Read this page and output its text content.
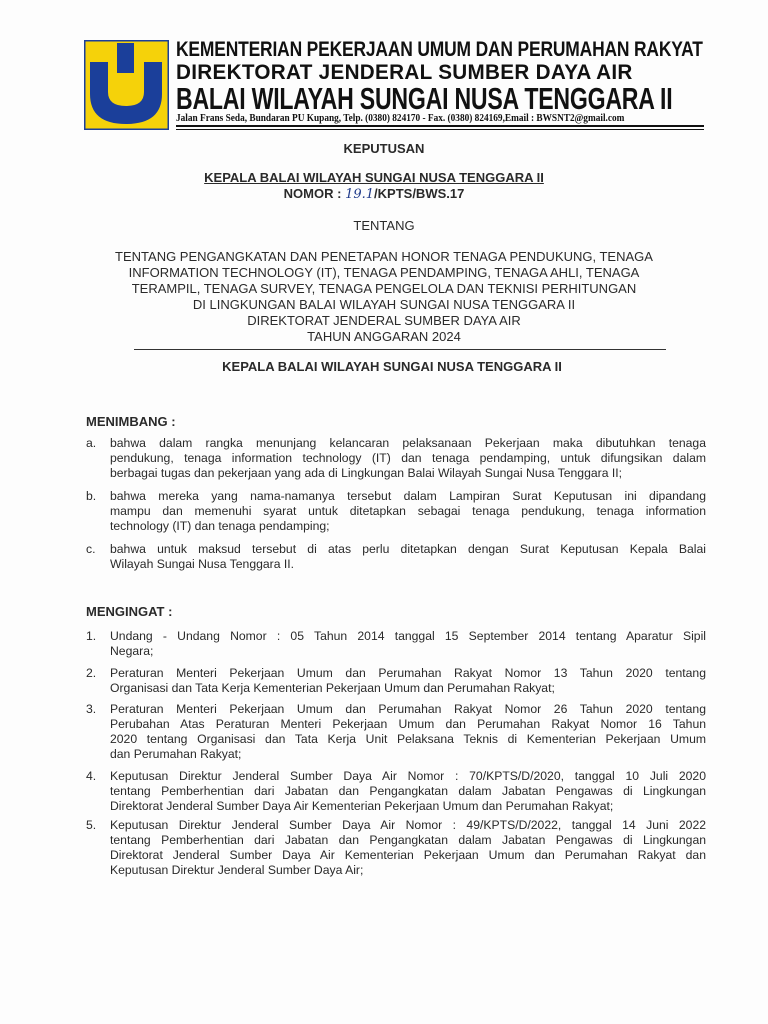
KEMENTERIAN PEKERJAAN UMUM DAN PERUMAHAN RAKYAT
DIREKTORAT JENDERAL SUMBER DAYA AIR
BALAI WILAYAH SUNGAI NUSA TENGGARA II
Jalan Frans Seda, Bundaran PU Kupang, Telp. (0380) 824170 - Fax. (0380) 824169,Email : BWSNT2@gmail.com
KEPUTUSAN
KEPALA BALAI WILAYAH SUNGAI NUSA TENGGARA II
NOMOR : 19.1/KPTS/BWS.17
TENTANG
TENTANG PENGANGKATAN DAN PENETAPAN HONOR TENAGA PENDUKUNG, TENAGA
INFORMATION TECHNOLOGY (IT), TENAGA PENDAMPING, TENAGA AHLI, TENAGA
TERAMPIL, TENAGA SURVEY, TENAGA PENGELOLA DAN TEKNISI PERHITUNGAN
DI LINGKUNGAN BALAI WILAYAH SUNGAI NUSA TENGGARA II
DIREKTORAT JENDERAL SUMBER DAYA AIR
TAHUN ANGGARAN 2024
KEPALA BALAI WILAYAH SUNGAI NUSA TENGGARA II
MENIMBANG :
a. bahwa dalam rangka menunjang kelancaran pelaksanaan Pekerjaan maka dibutuhkan tenaga
pendukung, tenaga information technology (IT) dan tenaga pendamping, untuk difungsikan dalam
berbagai tugas dan pekerjaan yang ada di Lingkungan Balai Wilayah Sungai Nusa Tenggara II;
b. bahwa mereka yang nama-namanya tersebut dalam Lampiran Surat Keputusan ini dipandang
mampu dan memenuhi syarat untuk ditetapkan sebagai tenaga pendukung, tenaga information
technology (IT) dan tenaga pendamping;
c. bahwa untuk maksud tersebut di atas perlu ditetapkan dengan Surat Keputusan Kepala Balai
Wilayah Sungai Nusa Tenggara II.
MENGINGAT :
1. Undang - Undang Nomor : 05 Tahun 2014 tanggal 15 September 2014 tentang Aparatur Sipil
Negara;
2. Peraturan Menteri Pekerjaan Umum dan Perumahan Rakyat Nomor 13 Tahun 2020 tentang
Organisasi dan Tata Kerja Kementerian Pekerjaan Umum dan Perumahan Rakyat;
3. Peraturan Menteri Pekerjaan Umum dan Perumahan Rakyat Nomor 26 Tahun 2020 tentang
Perubahan Atas Peraturan Menteri Pekerjaan Umum dan Perumahan Rakyat Nomor 16 Tahun
2020 tentang Organisasi dan Tata Kerja Unit Pelaksana Teknis di Kementerian Pekerjaan Umum
dan Perumahan Rakyat;
4. Keputusan Direktur Jenderal Sumber Daya Air Nomor : 70/KPTS/D/2020, tanggal 10 Juli 2020
tentang Pemberhentian dari Jabatan dan Pengangkatan dalam Jabatan Pengawas di Lingkungan
Direktorat Jenderal Sumber Daya Air Kementerian Pekerjaan Umum dan Perumahan Rakyat;
5. Keputusan Direktur Jenderal Sumber Daya Air Nomor : 49/KPTS/D/2022, tanggal 14 Juni 2022
tentang Pemberhentian dari Jabatan dan Pengangkatan dalam Jabatan Pengawas di Lingkungan
Direktorat Jenderal Sumber Daya Air Kementerian Pekerjaan Umum dan Perumahan Rakyat dan
Keputusan Direktur Jenderal Sumber Daya Air;
